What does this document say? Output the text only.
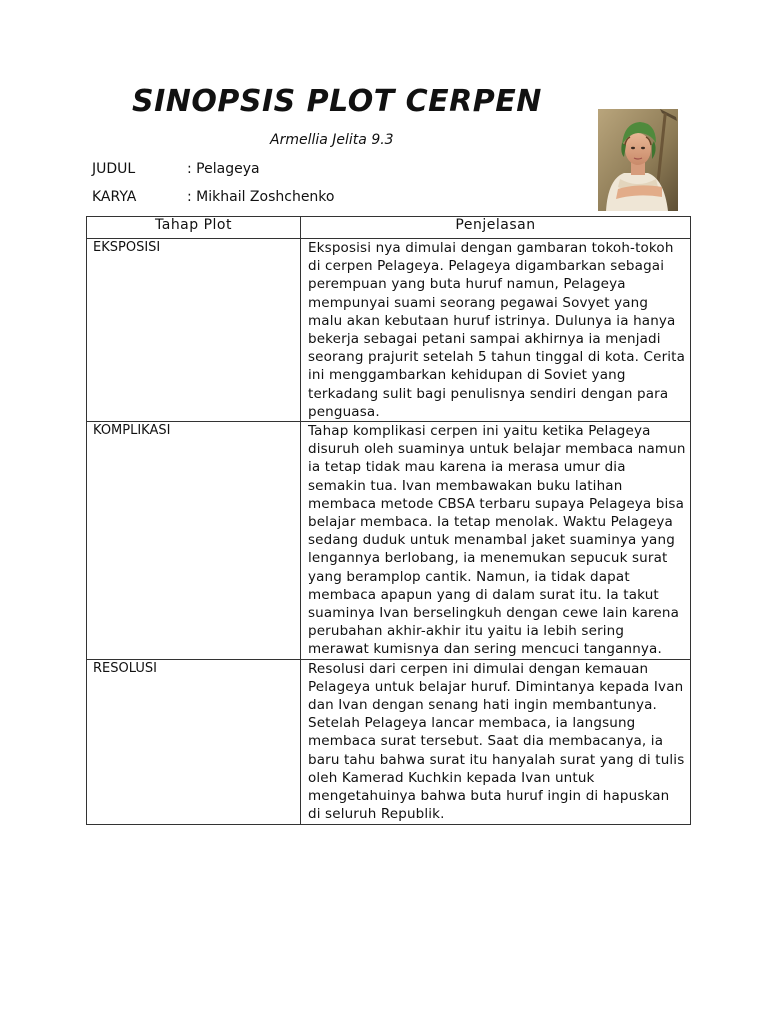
SINOPSIS PLOT CERPEN
Armellia Jelita 9.3
JUDUL	: Pelageya
KARYA	: Mikhail Zoshchenko
Tahap Plot	Penjelasan
EKSPOSISI	Eksposisi nya dimulai dengan gambaran tokoh-tokoh di cerpen Pelageya. Pelageya digambarkan sebagai perempuan yang buta huruf namun, Pelageya mempunyai suami seorang pegawai Sovyet yang malu akan kebutaan huruf istrinya. Dulunya ia hanya bekerja sebagai petani sampai akhirnya ia menjadi seorang prajurit setelah 5 tahun tinggal di kota. Cerita ini menggambarkan kehidupan di Soviet yang terkadang sulit bagi penulisnya sendiri dengan para penguasa.
KOMPLIKASI	Tahap komplikasi cerpen ini yaitu ketika Pelageya disuruh oleh suaminya untuk belajar membaca namun ia tetap tidak mau karena ia merasa umur dia semakin tua. Ivan membawakan buku latihan membaca metode CBSA terbaru supaya Pelageya bisa belajar membaca. Ia tetap menolak. Waktu Pelageya sedang duduk untuk menambal jaket suaminya yang lengannya berlobang, ia menemukan sepucuk surat yang beramplop cantik. Namun, ia tidak dapat membaca apapun yang di dalam surat itu. Ia takut suaminya Ivan berselingkuh dengan cewe lain karena perubahan akhir-akhir itu yaitu ia lebih sering merawat kumisnya dan sering mencuci tangannya.
RESOLUSI	Resolusi dari cerpen ini dimulai dengan kemauan Pelageya untuk belajar huruf. Dimintanya kepada Ivan dan Ivan dengan senang hati ingin membantunya. Setelah Pelageya lancar membaca, ia langsung membaca surat tersebut. Saat dia membacanya, ia baru tahu bahwa surat itu hanyalah surat yang di tulis oleh Kamerad Kuchkin kepada Ivan untuk mengetahuinya bahwa buta huruf ingin di hapuskan di seluruh Republik.
